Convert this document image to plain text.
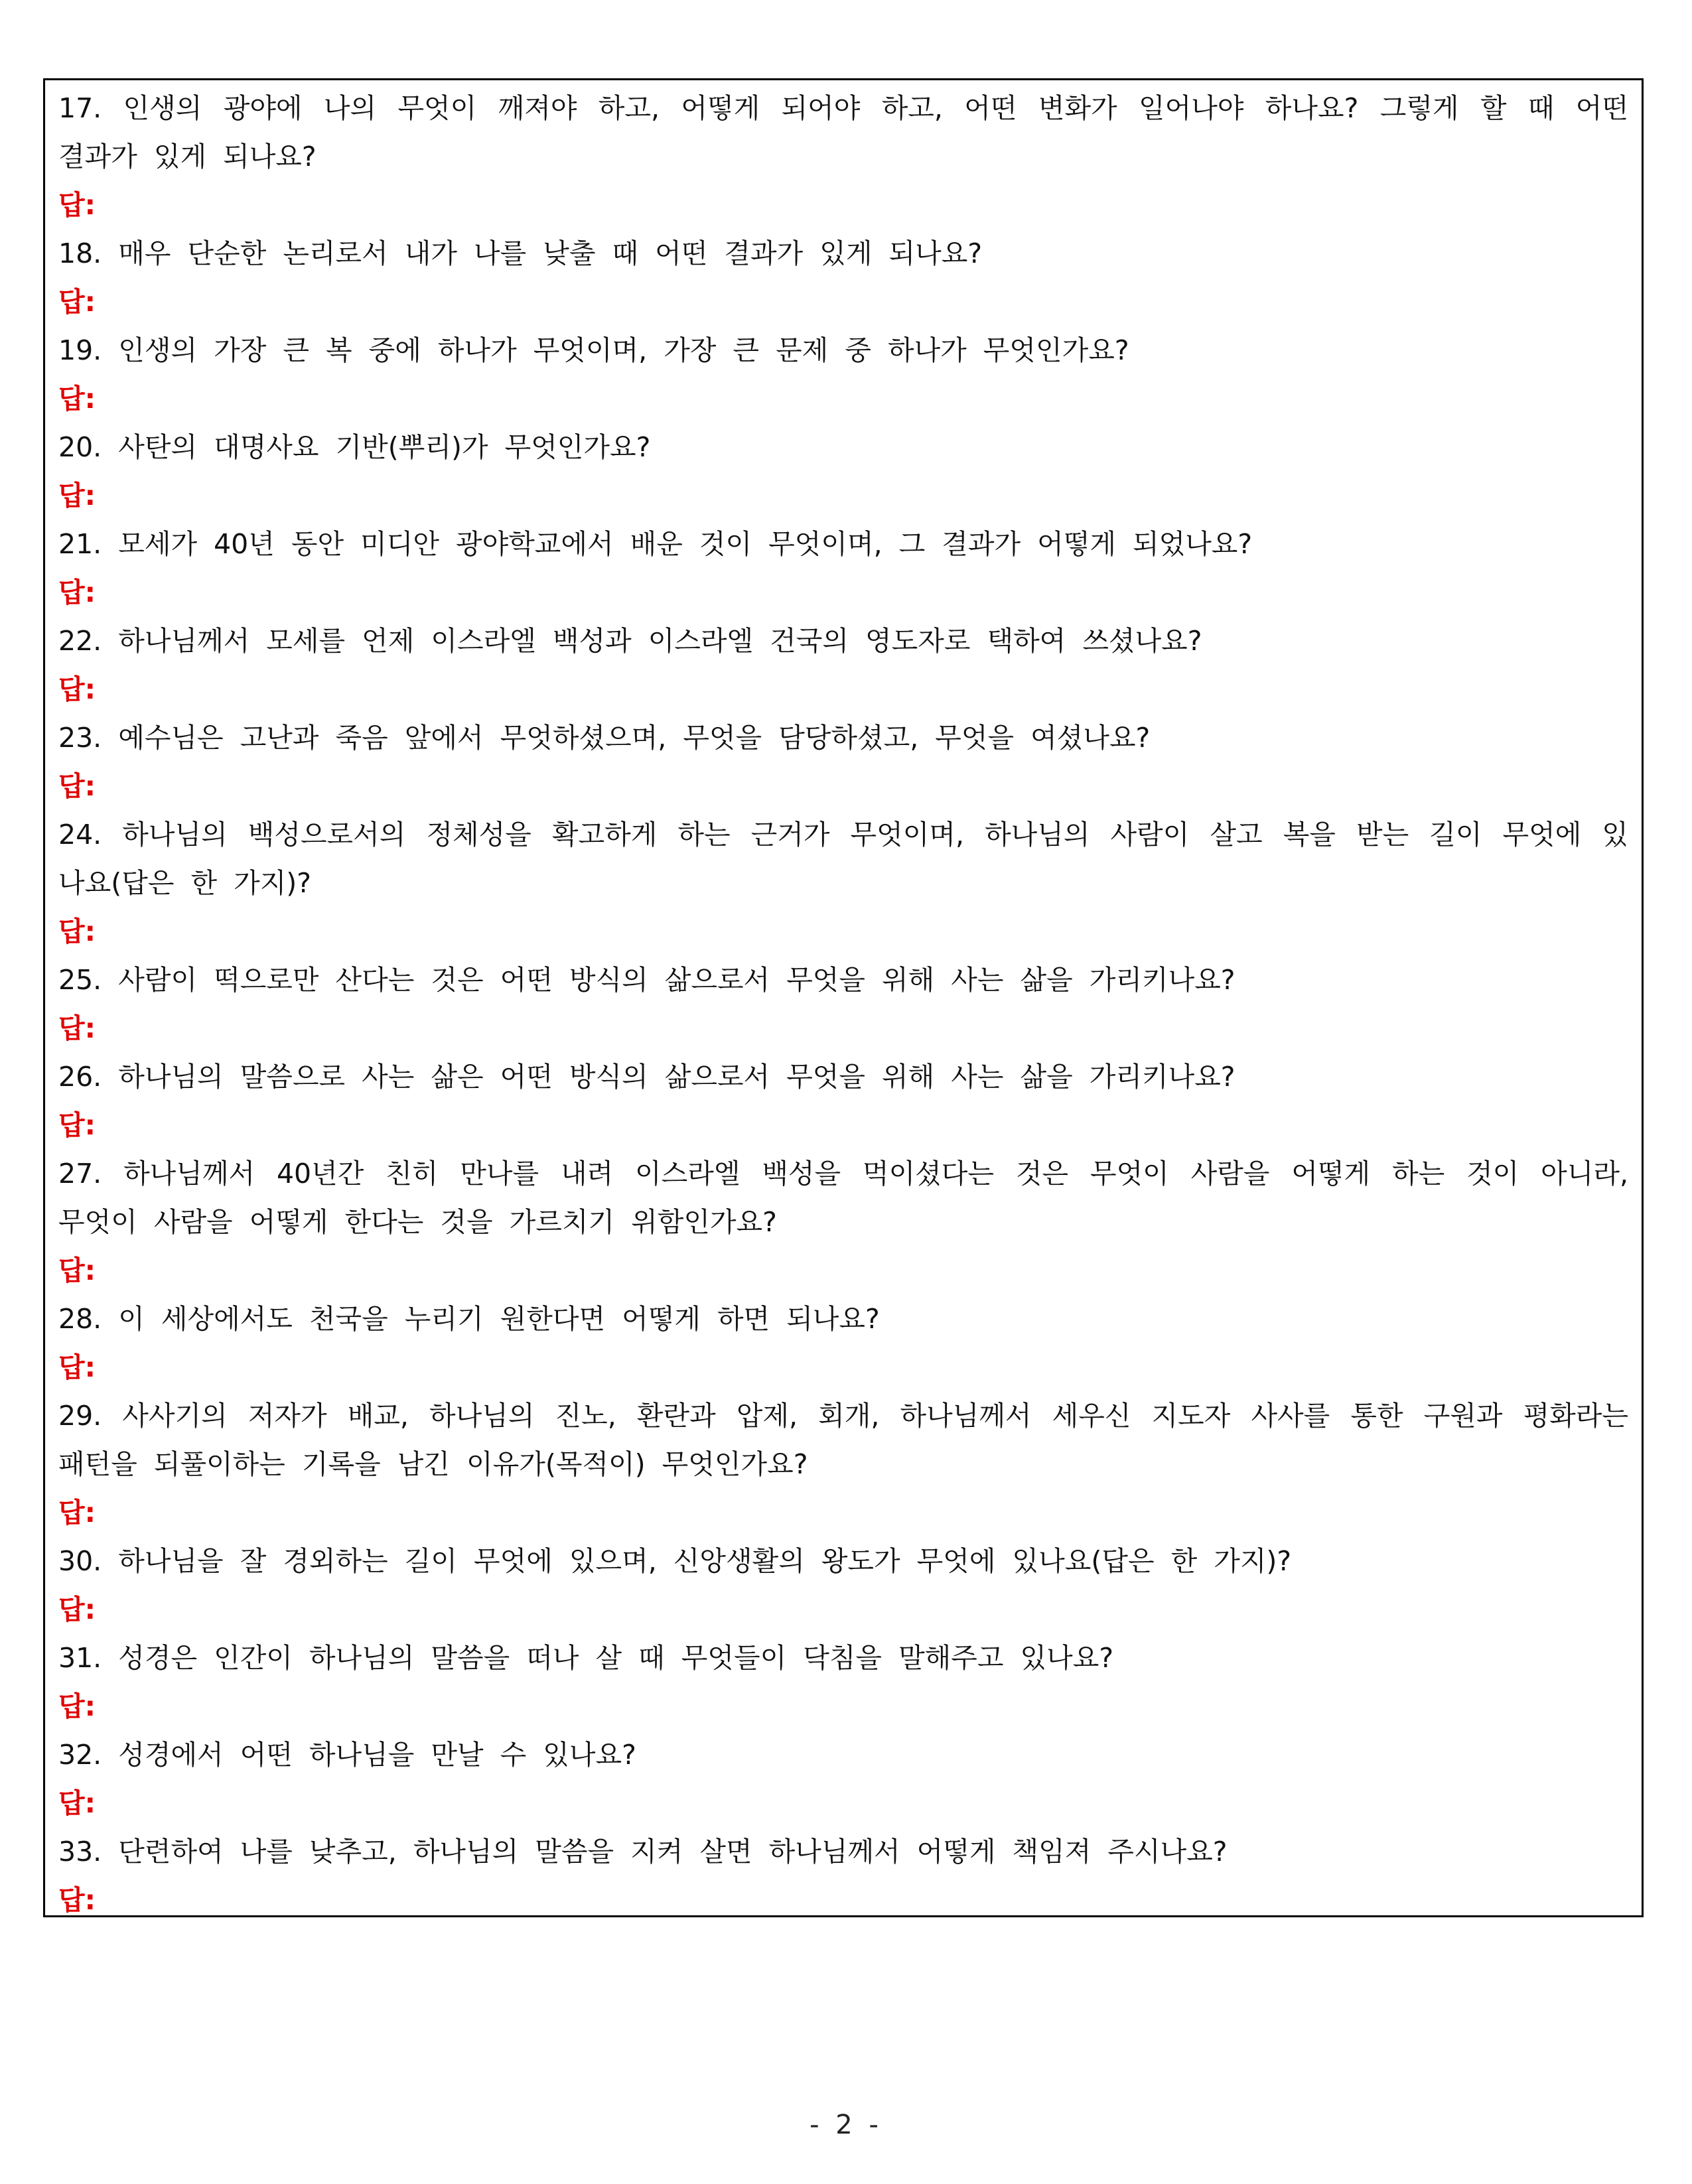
17. 인생의 광야에 나의 무엇이 깨져야 하고, 어떻게 되어야 하고, 어떤 변화가 일어나야 하나요? 그렇게 할 때 어떤
결과가 있게 되나요?
답:
18. 매우 단순한 논리로서 내가 나를 낮출 때 어떤 결과가 있게 되나요?
답:
19. 인생의 가장 큰 복 중에 하나가 무엇이며, 가장 큰 문제 중 하나가 무엇인가요?
답:
20. 사탄의 대명사요 기반(뿌리)가 무엇인가요?
답:
21. 모세가 40년 동안 미디안 광야학교에서 배운 것이 무엇이며, 그 결과가 어떻게 되었나요?
답:
22. 하나님께서 모세를 언제 이스라엘 백성과 이스라엘 건국의 영도자로 택하여 쓰셨나요?
답:
23. 예수님은 고난과 죽음 앞에서 무엇하셨으며, 무엇을 담당하셨고, 무엇을 여셨나요?
답:
24. 하나님의 백성으로서의 정체성을 확고하게 하는 근거가 무엇이며, 하나님의 사람이 살고 복을 받는 길이 무엇에 있
나요(답은 한 가지)?
답:
25. 사람이 떡으로만 산다는 것은 어떤 방식의 삶으로서 무엇을 위해 사는 삶을 가리키나요?
답:
26. 하나님의 말씀으로 사는 삶은 어떤 방식의 삶으로서 무엇을 위해 사는 삶을 가리키나요?
답:
27. 하나님께서 40년간 친히 만나를 내려 이스라엘 백성을 먹이셨다는 것은 무엇이 사람을 어떻게 하는 것이 아니라,
무엇이 사람을 어떻게 한다는 것을 가르치기 위함인가요?
답:
28. 이 세상에서도 천국을 누리기 원한다면 어떻게 하면 되나요?
답:
29. 사사기의 저자가 배교, 하나님의 진노, 환란과 압제, 회개, 하나님께서 세우신 지도자 사사를 통한 구원과 평화라는
패턴을 되풀이하는 기록을 남긴 이유가(목적이) 무엇인가요?
답:
30. 하나님을 잘 경외하는 길이 무엇에 있으며, 신앙생활의 왕도가 무엇에 있나요(답은 한 가지)?
답:
31. 성경은 인간이 하나님의 말씀을 떠나 살 때 무엇들이 닥침을 말해주고 있나요?
답:
32. 성경에서 어떤 하나님을 만날 수 있나요?
답:
33. 단련하여 나를 낮추고, 하나님의 말씀을 지켜 살면 하나님께서 어떻게 책임져 주시나요?
답:
- 2 -
